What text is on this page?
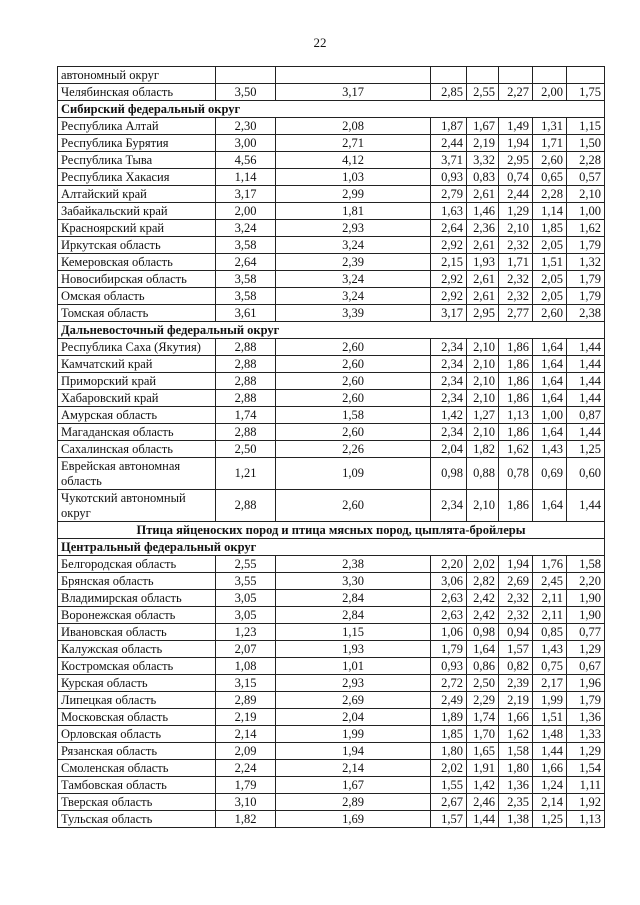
22
автономный округ							
Челябинская область	3,50	3,17	2,85	2,55	2,27	2,00	1,75
Сибирский федеральный округ							
Республика Алтай	2,30	2,08	1,87	1,67	1,49	1,31	1,15
Республика Бурятия	3,00	2,71	2,44	2,19	1,94	1,71	1,50
Республика Тыва	4,56	4,12	3,71	3,32	2,95	2,60	2,28
Республика Хакасия	1,14	1,03	0,93	0,83	0,74	0,65	0,57
Алтайский край	3,17	2,99	2,79	2,61	2,44	2,28	2,10
Забайкальский край	2,00	1,81	1,63	1,46	1,29	1,14	1,00
Красноярский край	3,24	2,93	2,64	2,36	2,10	1,85	1,62
Иркутская область	3,58	3,24	2,92	2,61	2,32	2,05	1,79
Кемеровская область	2,64	2,39	2,15	1,93	1,71	1,51	1,32
Новосибирская область	3,58	3,24	2,92	2,61	2,32	2,05	1,79
Омская область	3,58	3,24	2,92	2,61	2,32	2,05	1,79
Томская область	3,61	3,39	3,17	2,95	2,77	2,60	2,38
Дальневосточный федеральный округ							
Республика Саха (Якутия)	2,88	2,60	2,34	2,10	1,86	1,64	1,44
Камчатский край	2,88	2,60	2,34	2,10	1,86	1,64	1,44
Приморский край	2,88	2,60	2,34	2,10	1,86	1,64	1,44
Хабаровский край	2,88	2,60	2,34	2,10	1,86	1,64	1,44
Амурская область	1,74	1,58	1,42	1,27	1,13	1,00	0,87
Магаданская область	2,88	2,60	2,34	2,10	1,86	1,64	1,44
Сахалинская область	2,50	2,26	2,04	1,82	1,62	1,43	1,25
Еврейская автономная область	1,21	1,09	0,98	0,88	0,78	0,69	0,60
Чукотский автономный округ	2,88	2,60	2,34	2,10	1,86	1,64	1,44
Птица яйценоских пород и птица мясных пород, цыплята-бройлеры							
Центральный федеральный округ							
Белгородская область	2,55	2,38	2,20	2,02	1,94	1,76	1,58
Брянская область	3,55	3,30	3,06	2,82	2,69	2,45	2,20
Владимирская область	3,05	2,84	2,63	2,42	2,32	2,11	1,90
Воронежская область	3,05	2,84	2,63	2,42	2,32	2,11	1,90
Ивановская область	1,23	1,15	1,06	0,98	0,94	0,85	0,77
Калужская область	2,07	1,93	1,79	1,64	1,57	1,43	1,29
Костромская область	1,08	1,01	0,93	0,86	0,82	0,75	0,67
Курская область	3,15	2,93	2,72	2,50	2,39	2,17	1,96
Липецкая область	2,89	2,69	2,49	2,29	2,19	1,99	1,79
Московская область	2,19	2,04	1,89	1,74	1,66	1,51	1,36
Орловская область	2,14	1,99	1,85	1,70	1,62	1,48	1,33
Рязанская область	2,09	1,94	1,80	1,65	1,58	1,44	1,29
Смоленская область	2,24	2,14	2,02	1,91	1,80	1,66	1,54
Тамбовская область	1,79	1,67	1,55	1,42	1,36	1,24	1,11
Тверская область	3,10	2,89	2,67	2,46	2,35	2,14	1,92
Тульская область	1,82	1,69	1,57	1,44	1,38	1,25	1,13
